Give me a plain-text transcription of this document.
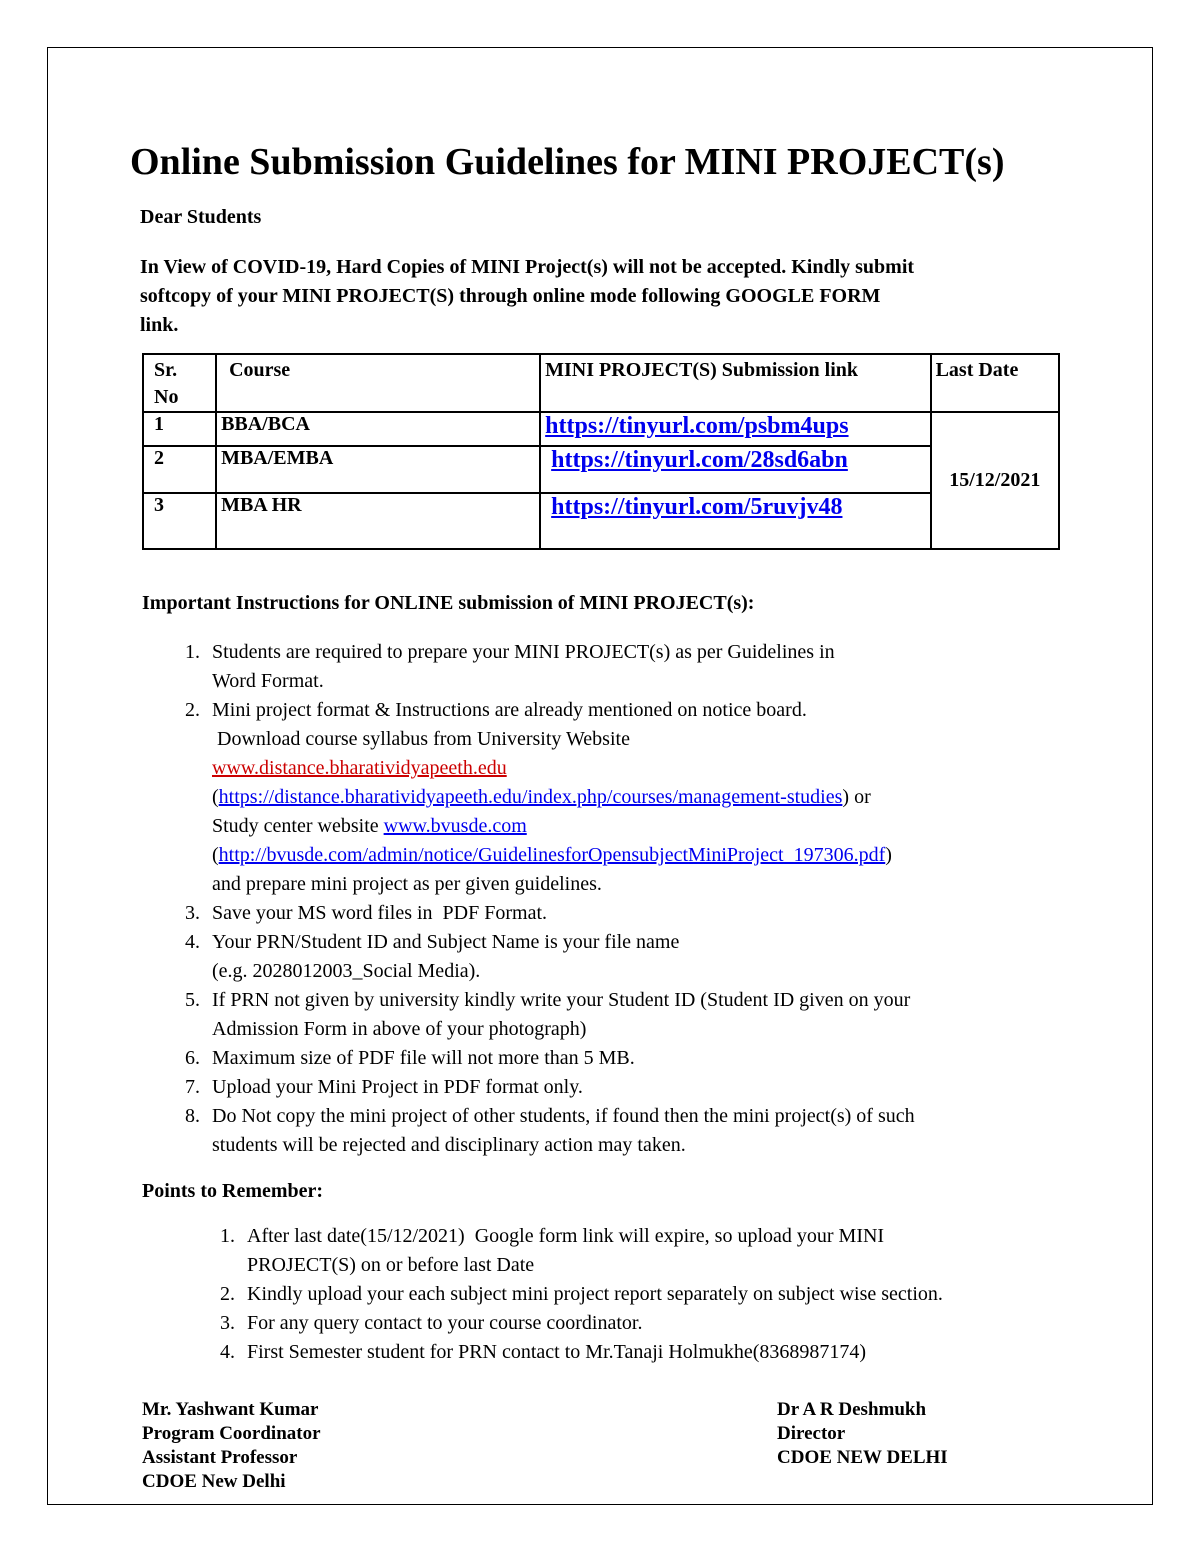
Online Submission Guidelines for MINI PROJECT(s)

Dear Students

In View of COVID-19, Hard Copies of MINI Project(s) will not be accepted. Kindly submit
softcopy of your MINI PROJECT(S) through online mode following GOOGLE FORM
link.
Sr.
No	Course	MINI PROJECT(S) Submission link	Last Date
1	BBA/BCA	https://tinyurl.com/psbm4ups	15/12/2021
2	MBA/EMBA	https://tinyurl.com/28sd6abn	
3	MBA HR	https://tinyurl.com/5ruvjv48	

Important Instructions for ONLINE submission of MINI PROJECT(s):

1. Students are required to prepare your MINI PROJECT(s) as per Guidelines in
Word Format.
2. Mini project format & Instructions are already mentioned on notice board.
Download course syllabus from University Website
www.distance.bharatividyapeeth.edu
(https://distance.bharatividyapeeth.edu/index.php/courses/management-studies) or
Study center website www.bvusde.com
(http://bvusde.com/admin/notice/GuidelinesforOpensubjectMiniProject_197306.pdf)
and prepare mini project as per given guidelines.
3. Save your MS word files in  PDF Format.
4. Your PRN/Student ID and Subject Name is your file name
(e.g. 2028012003_Social Media).
5. If PRN not given by university kindly write your Student ID (Student ID given on your
Admission Form in above of your photograph)
6. Maximum size of PDF file will not more than 5 MB.
7. Upload your Mini Project in PDF format only.
8. Do Not copy the mini project of other students, if found then the mini project(s) of such
students will be rejected and disciplinary action may taken.

Points to Remember:

1. After last date(15/12/2021)  Google form link will expire, so upload your MINI
PROJECT(S) on or before last Date
2. Kindly upload your each subject mini project report separately on subject wise section.
3. For any query contact to your course coordinator.
4. First Semester student for PRN contact to Mr.Tanaji Holmukhe(8368987174)
Mr. Yashwant Kumar
Program Coordinator
Assistant Professor
CDOE New Delhi
Dr A R Deshmukh
Director
CDOE NEW DELHI
